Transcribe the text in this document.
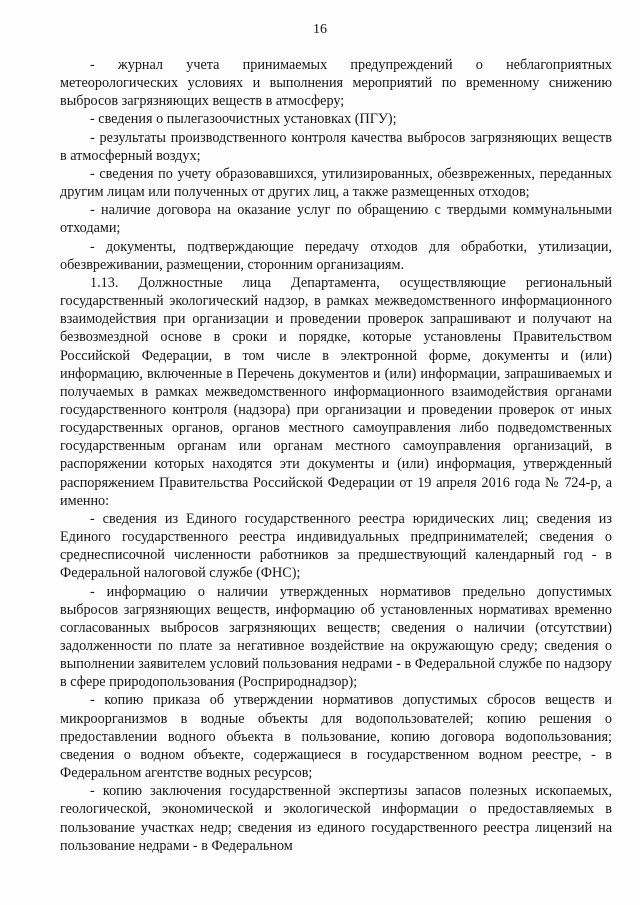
16

- журнал учета принимаемых предупреждений о неблагоприятных метеорологических условиях и выполнения мероприятий по временному снижению выбросов загрязняющих веществ в атмосферу;

- сведения о пылегазоочистных установках (ПГУ);

- результаты производственного контроля качества выбросов загрязняющих веществ в атмосферный воздух;

- сведения по учету образовавшихся, утилизированных, обезвреженных, переданных другим лицам или полученных от других лиц, а также размещенных отходов;

- наличие договора на оказание услуг по обращению с твердыми коммунальными отходами;

- документы, подтверждающие передачу отходов для обработки, утилизации, обезвреживании, размещении, сторонним организациям.

1.13. Должностные лица Департамента, осуществляющие региональный государственный экологический надзор, в рамках межведомственного информационного взаимодействия при организации и проведении проверок запрашивают и получают на безвозмездной основе в сроки и порядке, которые установлены Правительством Российской Федерации, в том числе в электронной форме, документы и (или) информацию, включенные в Перечень документов и (или) информации, запрашиваемых и получаемых в рамках межведомственного информационного взаимодействия органами государственного контроля (надзора) при организации и проведении проверок от иных государственных органов, органов местного самоуправления либо подведомственных государственным органам или органам местного самоуправления организаций, в распоряжении которых находятся эти документы и (или) информация, утвержденный распоряжением Правительства Российской Федерации от 19 апреля 2016 года № 724-р, а именно:

- сведения из Единого государственного реестра юридических лиц; сведения из Единого государственного реестра индивидуальных предпринимателей; сведения о среднесписочной численности работников за предшествующий календарный год - в Федеральной налоговой службе (ФНС);

- информацию о наличии утвержденных нормативов предельно допустимых выбросов загрязняющих веществ, информацию об установленных нормативах временно согласованных выбросов загрязняющих веществ; сведения о наличии (отсутствии) задолженности по плате за негативное воздействие на окружающую среду; сведения о выполнении заявителем условий пользования недрами - в Федеральной службе по надзору в сфере природопользования (Росприроднадзор);

- копию приказа об утверждении нормативов допустимых сбросов веществ и микроорганизмов в водные объекты для водопользователей; копию решения о предоставлении водного объекта в пользование, копию договора водопользования; сведения о водном объекте, содержащиеся в государственном водном реестре, - в Федеральном агентстве водных ресурсов;

- копию заключения государственной экспертизы запасов полезных ископаемых, геологической, экономической и экологической информации о предоставляемых в пользование участках недр; сведения из единого государственного реестра лицензий на пользование недрами - в Федеральном
